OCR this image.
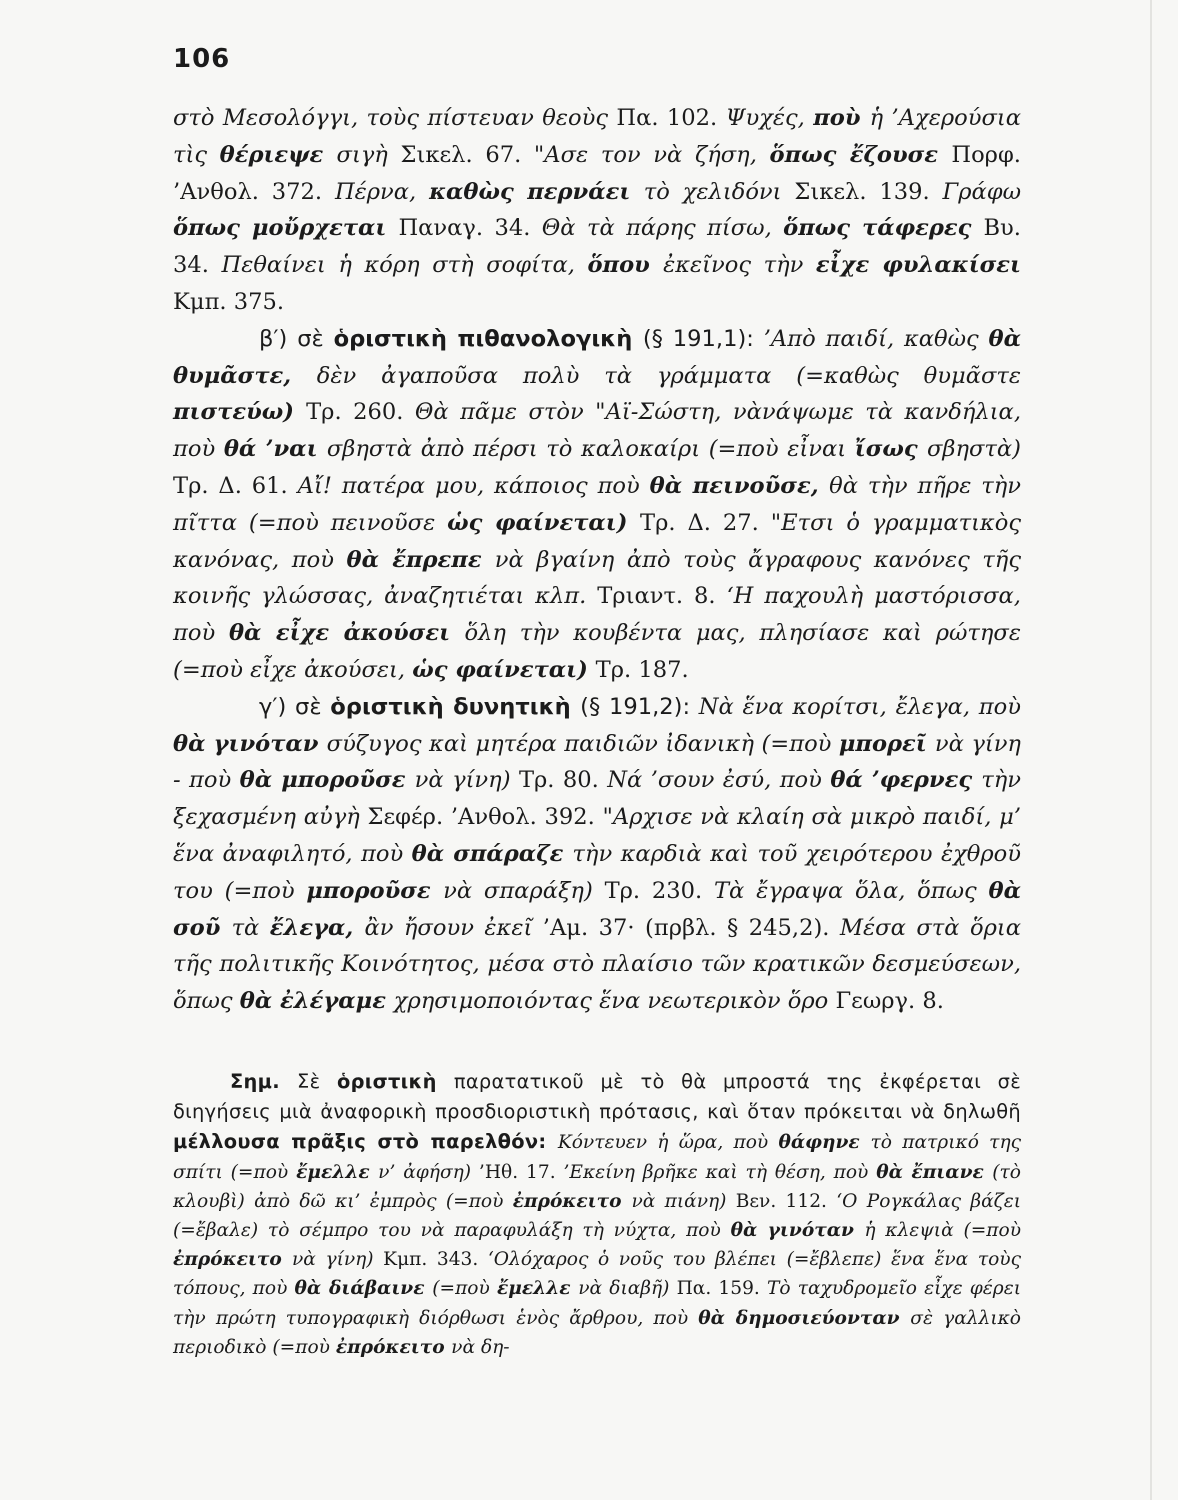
106

στὸ Μεσολόγγι, τοὺς πίστευαν θεοὺς Πα. 102. Ψυχές, ποὺ ἡ ’Αχερούσια τὶς θέριεψε σιγὴ Σικελ. 67. "Ασε τον νὰ ζήση, ὅπως ἔζουσε Πορφ. ’Ανθολ. 372. Πέρνα, καθὼς περνάει τὸ χελιδόνι Σικελ. 139. Γράφω ὅπως μοὔρχεται Παναγ. 34. Θὰ τὰ πάρης πίσω, ὅπως τάφερες Βυ. 34. Πεθαίνει ἡ κόρη στὴ σοφίτα, ὅπου ἐκεῖνος τὴν εἶχε φυλακίσει Κμπ. 375.

β′) σὲ ὁριστικὴ πιθανολογικὴ (§ 191,1): ’Απὸ παιδί, καθὼς θὰ θυμᾶστε, δὲν ἀγαποῦσα πολὺ τὰ γράμματα (=καθὼς θυμᾶστε πιστεύω) Τρ. 260. Θὰ πᾶμε στὸν "Αϊ-Σώστη, νὰνάψωμε τὰ κανδήλια, ποὺ θά ’ναι σβηστὰ ἀπὸ πέρσι τὸ καλοκαίρι (=ποὺ εἶναι ἴσως σβηστὰ) Τρ. Δ. 61. Αἴ! πατέρα μου, κάποιος ποὺ θὰ πεινοῦσε, θὰ τὴν πῆρε τὴν πῖττα (=ποὺ πεινοῦσε ὡς φαίνεται) Τρ. Δ. 27. "Ετσι ὁ γραμματικὸς κανόνας, ποὺ θὰ ἔπρεπε νὰ βγαίνη ἀπὸ τοὺς ἄγραφους κανόνες τῆς κοινῆς γλώσσας, ἀναζητιέται κλπ. Τριαντ. 8. ‘Η παχουλὴ μαστόρισσα, ποὺ θὰ εἶχε ἀκούσει ὅλη τὴν κουβέντα μας, πλησίασε καὶ ρώτησε (=ποὺ εἶχε ἀκούσει, ὡς φαίνεται) Τρ. 187.

γ′) σὲ ὁριστικὴ δυνητικὴ (§ 191,2): Νὰ ἕνα κορίτσι, ἔλεγα, ποὺ θὰ γινόταν σύζυγος καὶ μητέρα παιδιῶν ἰδανικὴ (=ποὺ μπορεῖ νὰ γίνη - ποὺ θὰ μποροῦσε νὰ γίνη) Τρ. 80. Νά ’σουν ἐσύ, ποὺ θά ’φερνες τὴν ξεχασμένη αὐγὴ Σεφέρ. ’Ανθολ. 392. "Αρχισε νὰ κλαίη σὰ μικρὸ παιδί, μ’ ἕνα ἀναφιλητό, ποὺ θὰ σπάραζε τὴν καρδιὰ καὶ τοῦ χειρότερου ἐχθροῦ του (=ποὺ μποροῦσε νὰ σπαράξη) Τρ. 230. Τὰ ἔγραψα ὅλα, ὅπως θὰ σοῦ τὰ ἔλεγα, ἂν ἤσουν ἐκεῖ ’Αμ. 37· (πρβλ. § 245,2). Μέσα στὰ ὅρια τῆς πολιτικῆς Κοινότητος, μέσα στὸ πλαίσιο τῶν κρατικῶν δεσμεύσεων, ὅπως θὰ ἐλέγαμε χρησιμοποιόντας ἕνα νεωτερικὸν ὅρο Γεωργ. 8.

Σημ. Σὲ ὁριστικὴ παρατατικοῦ μὲ τὸ θὰ μπροστά της ἐκφέρεται σὲ διηγήσεις μιὰ ἀναφορικὴ προσδιοριστικὴ πρότασις, καὶ ὅταν πρόκειται νὰ δηλωθῆ μέλλουσα πρᾶξις στὸ παρελθόν: Κόντευεν ἡ ὥρα, ποὺ θάφηνε τὸ πατρικό της σπίτι (=ποὺ ἔμελλε ν’ ἀφήση) ’Ηθ. 17. ’Εκείνη βρῆκε καὶ τὴ θέση, ποὺ θὰ ἔπιανε (τὸ κλουβὶ) ἀπὸ δῶ κι’ ἐμπρὸς (=ποὺ ἐπρόκειτο νὰ πιάνη) Βεν. 112. ‘Ο Ρογκάλας βάζει (=ἔβαλε) τὸ σέμπρο του νὰ παραφυλάξη τὴ νύχτα, ποὺ θὰ γινόταν ἡ κλεψιὰ (=ποὺ ἐπρόκειτο νὰ γίνη) Κμπ. 343. ‘Ολόχαρος ὁ νοῦς του βλέπει (=ἔβλεπε) ἕνα ἕνα τοὺς τόπους, ποὺ θὰ διάβαινε (=ποὺ ἔμελλε νὰ διαβῆ) Πα. 159. Τὸ ταχυδρομεῖο εἶχε φέρει τὴν πρώτη τυπογραφικὴ διόρθωσι ἑνὸς ἄρθρου, ποὺ θὰ δημοσιεύονταν σὲ γαλλικὸ περιοδικὸ (=ποὺ ἐπρόκειτο νὰ δη-
